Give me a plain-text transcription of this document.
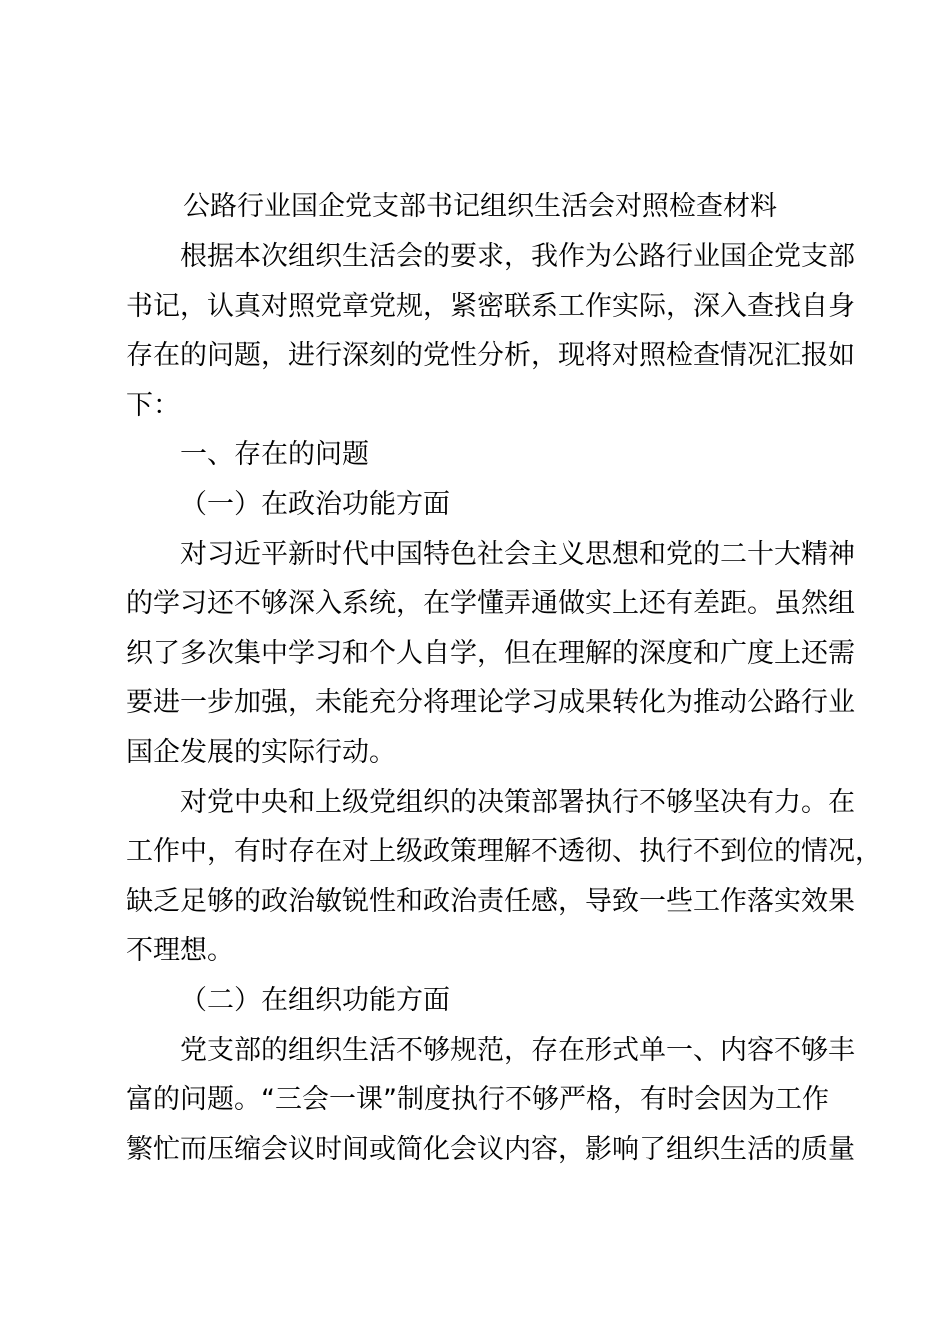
公路行业国企党支部书记组织生活会对照检查材料

根据本次组织生活会的要求，我作为公路行业国企党支部
书记，认真对照党章党规，紧密联系工作实际，深入查找自身
存在的问题，进行深刻的党性分析，现将对照检查情况汇报如
下：

一、存在的问题

（一）在政治功能方面

对习近平新时代中国特色社会主义思想和党的二十大精神
的学习还不够深入系统，在学懂弄通做实上还有差距。虽然组
织了多次集中学习和个人自学，但在理解的深度和广度上还需
要进一步加强，未能充分将理论学习成果转化为推动公路行业
国企发展的实际行动。

对党中央和上级党组织的决策部署执行不够坚决有力。在
工作中，有时存在对上级政策理解不透彻、执行不到位的情况，
缺乏足够的政治敏锐性和政治责任感，导致一些工作落实效果
不理想。

（二）在组织功能方面

党支部的组织生活不够规范，存在形式单一、内容不够丰
富的问题。“三会一课”制度执行不够严格，有时会因为工作
繁忙而压缩会议时间或简化会议内容，影响了组织生活的质量
